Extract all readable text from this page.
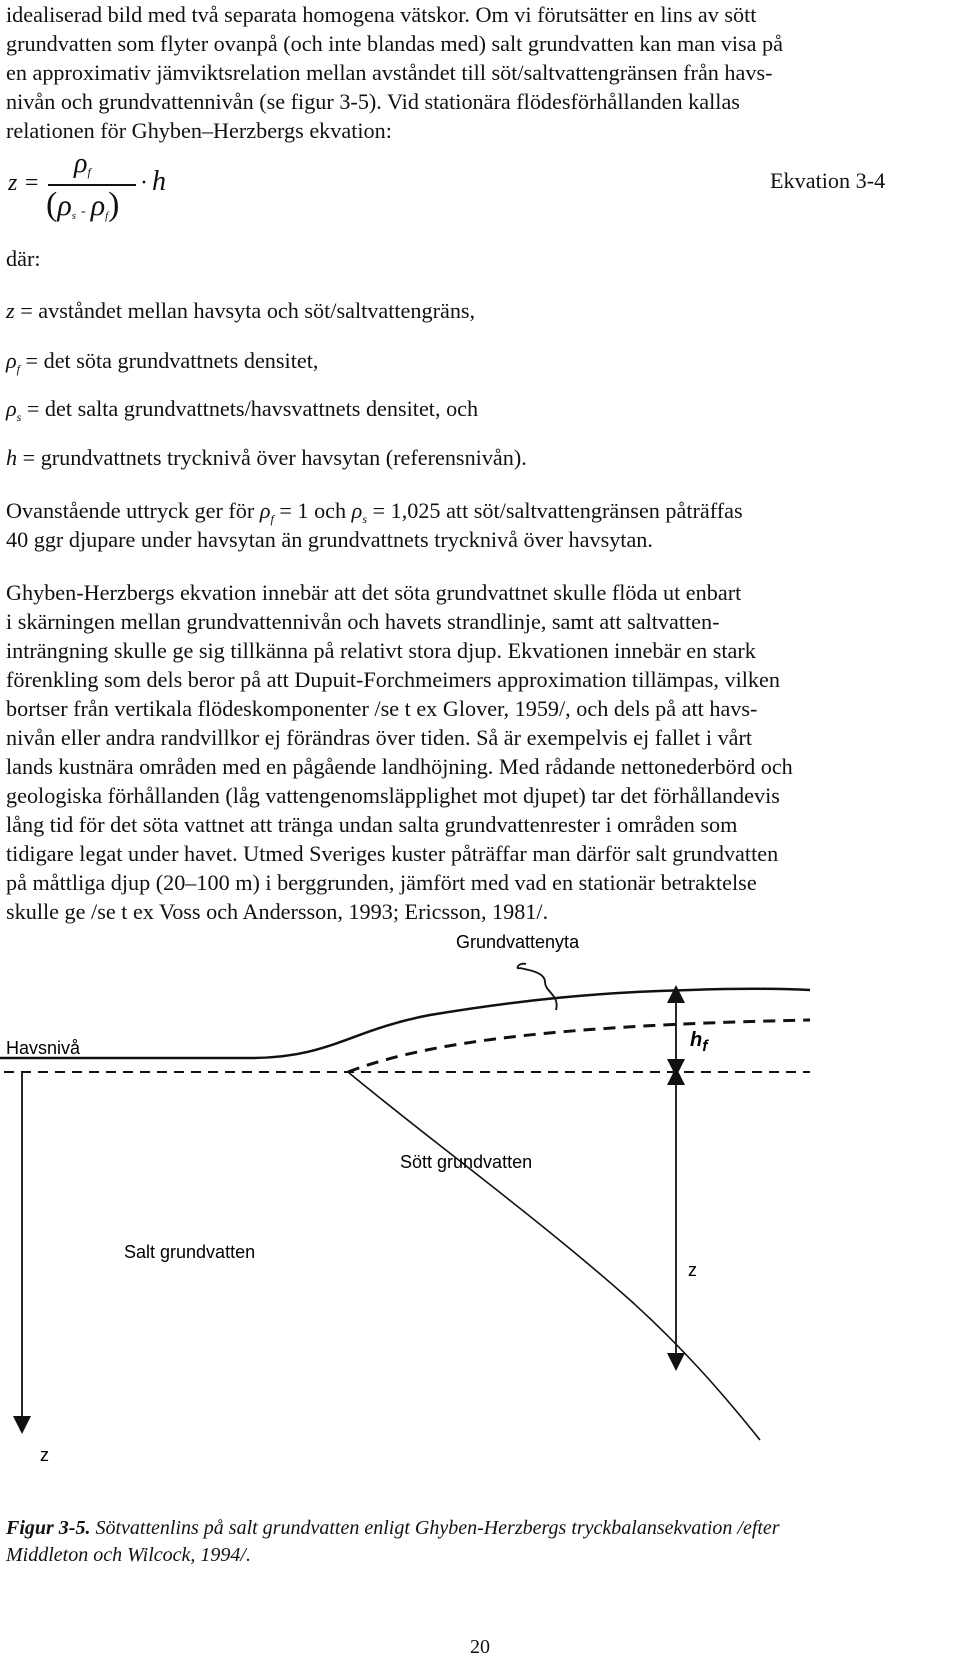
idealiserad bild med två separata homogena vätskor. Om vi förutsätter en lins av sött
grundvatten som flyter ovanpå (och inte blandas med) salt grundvatten kan man visa på
en approximativ jämviktsrelation mellan avståndet till söt/saltvattengränsen från havs-
nivån och grundvattennivån (se figur 3-5). Vid stationära flödesförhållanden kallas
relationen för Ghyben–Herzbergs ekvation:
z =
ρf
(ρs - ρf)
· h	Ekvation 3-4

där:

z = avståndet mellan havsyta och söt/saltvattengräns,

$\rho_f = \det$ söta grundvattnets densitet,

$\rho_s = \det$ salta grundvattnets/havsvattnets densitet, och

h = grundvattnets trycknivå över havsytan (referensnivån).

Ovanstående uttryck ger för $\rho_f = 1$ och $\rho_s = 1,025$ att söt/saltvattengränsen påträffas
40 ggr djupare under havsytan än grundvattnets trycknivå över havsytan.
Ghyben-Herzbergs ekvation innebär att det söta grundvattnet skulle flöda ut enbart
i skärningen mellan grundvattennivån och havets strandlinje, samt att saltvatten-
inträngning skulle ge sig tillkänna på relativt stora djup. Ekvationen innebär en stark
förenkling som dels beror på att Dupuit-Forchmeimers approximation tillämpas, vilken
bortser från vertikala flödeskomponenter /se t ex Glover, 1959/, och dels på att havs-
nivån eller andra randvillkor ej förändras över tiden. Så är exempelvis ej fallet i vårt
lands kustnära områden med en pågående landhöjning. Med rådande nettonederbörd och
geologiska förhållanden (låg vattengenomsläpplighet mot djupet) tar det förhållandevis
lång tid för det söta vattnet att tränga undan salta grundvattenrester i områden som
tidigare legat under havet. Utmed Sveriges kuster påträffar man därför salt grundvatten
på måttliga djup (20–100 m) i berggrunden, jämfört med vad en stationär betraktelse
skulle ge /se t ex Voss och Andersson, 1993; Ericsson, 1981/.
Grundvattenyta
Havsnivå	$h_f$
Sött grundvatten
Salt grundvatten
z
z
Figur 3-5. Sötvattenlins på salt grundvatten enligt Ghyben-Herzbergs tryckbalansekvation /efter
Middleton och Wilcock, 1994/.
20
